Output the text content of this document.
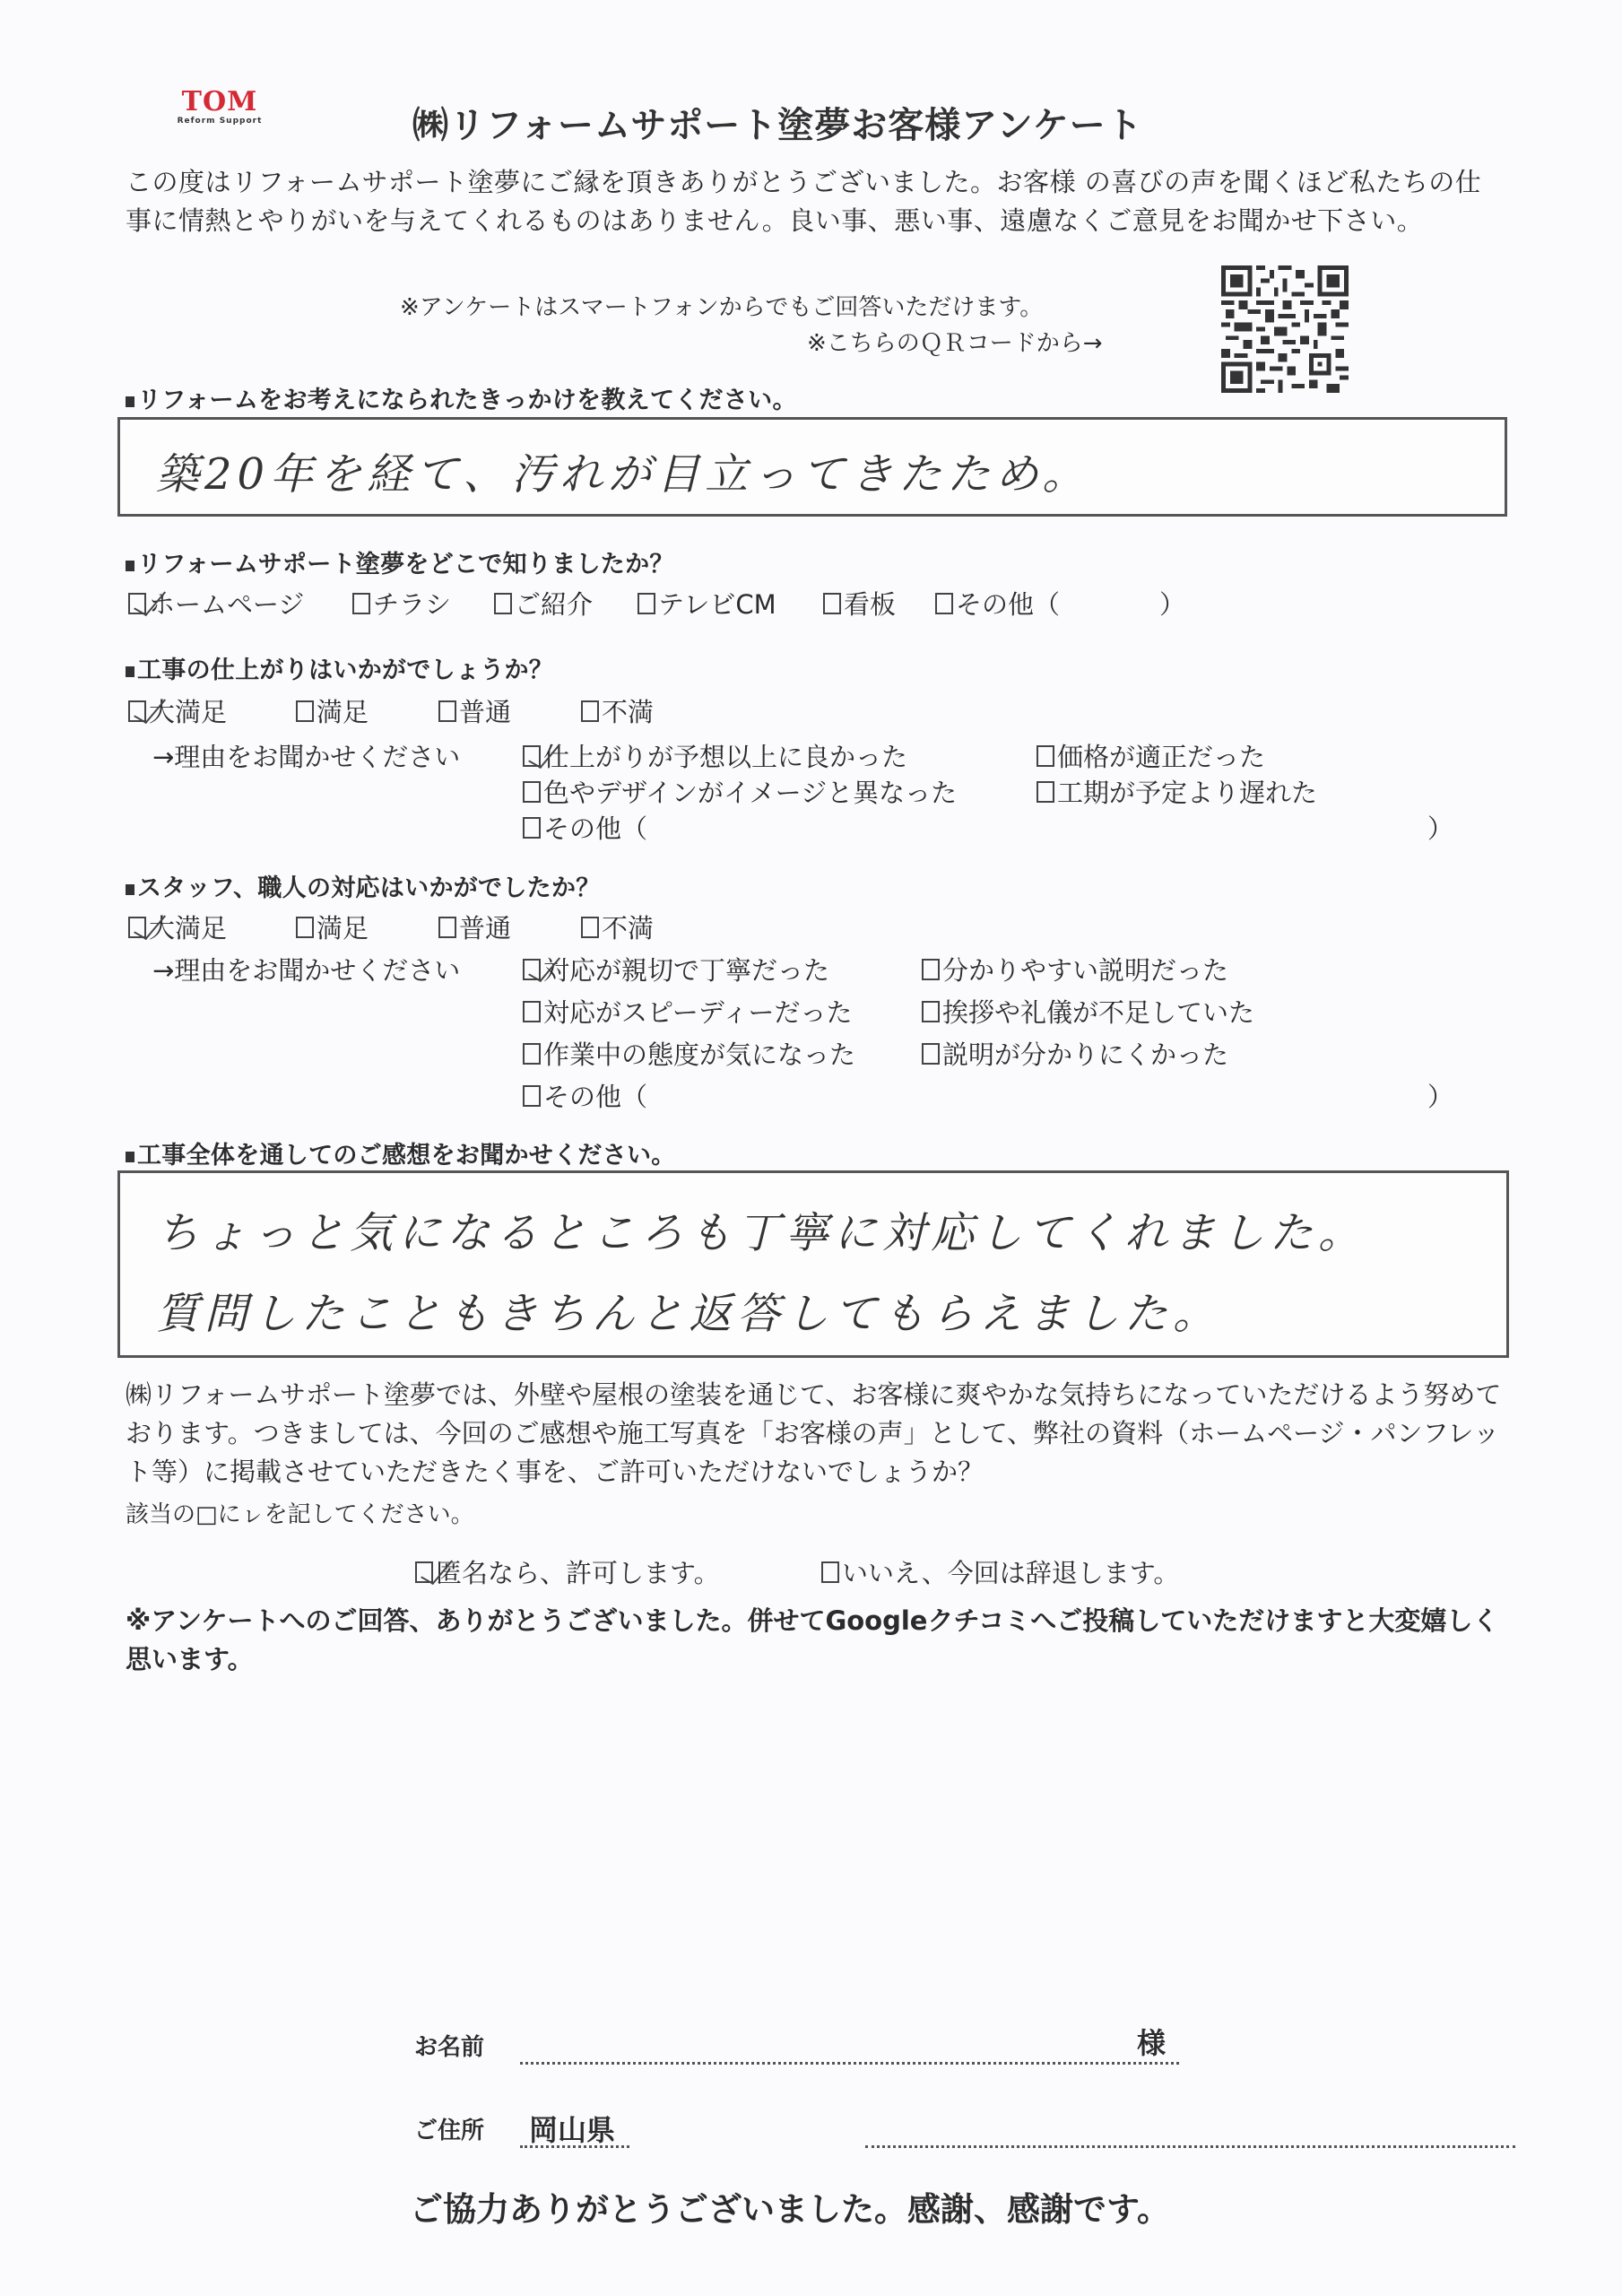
TOM
Reform Support	㈱リフォームサポート塗夢お客様アンケート
この度はリフォームサポート塗夢にご縁を頂きありがとうございました。お客様 の喜びの声を聞くほど私たちの仕事に情熱とやりがいを与えてくれるものはありません。良い事、悪い事、遠慮なくご意見をお聞かせ下さい。
※アンケートはスマートフォンからでもご回答いただけます。
※こちらのＱＲコードから→
リフォームをお考えになられたきっかけを教えてください。
築20年を経て、汚れが目立ってきたため。
リフォームサポート塗夢をどこで知りましたか？
ホームページ	チラシ ご紹介	テレビCM	看板 その他（	）
工事の仕上がりはいかがでしょうか？
大満足	満足	普通	不満
→理由をお聞かせください	仕上がりが予想以上に良かった	価格が適正だった
色やデザインがイメージと異なった	工期が予定より遅れた
その他（	）
スタッフ、職人の対応はいかがでしたか？
大満足	満足	普通	不満
→理由をお聞かせください	対応が親切で丁寧だった	分かりやすい説明だった
対応がスピーディーだった	挨拶や礼儀が不足していた
作業中の態度が気になった	説明が分かりにくかった
その他（	）
工事全体を通してのご感想をお聞かせください。
ちょっと気になるところも丁寧に対応してくれました。
質問したこともきちんと返答してもらえました。
㈱リフォームサポート塗夢では、外壁や屋根の塗装を通じて、お客様に爽やかな気持ちになっていただけるよう努めております。つきましては、今回のご感想や施工写真を「お客様の声」として、弊社の資料（ホームページ・パンフレット等）に掲載させていただきたく事を、ご許可いただけないでしょうか？
該当の□にㇾを記してください。
匿名なら、許可します。	いいえ、今回は辞退します。
※アンケートへのご回答、ありがとうございました。併せてGoogleクチコミへご投稿していただけますと大変嬉しく思います。
お名前	様
ご住所 岡山県
ご協力ありがとうございました。感謝、感謝です。
